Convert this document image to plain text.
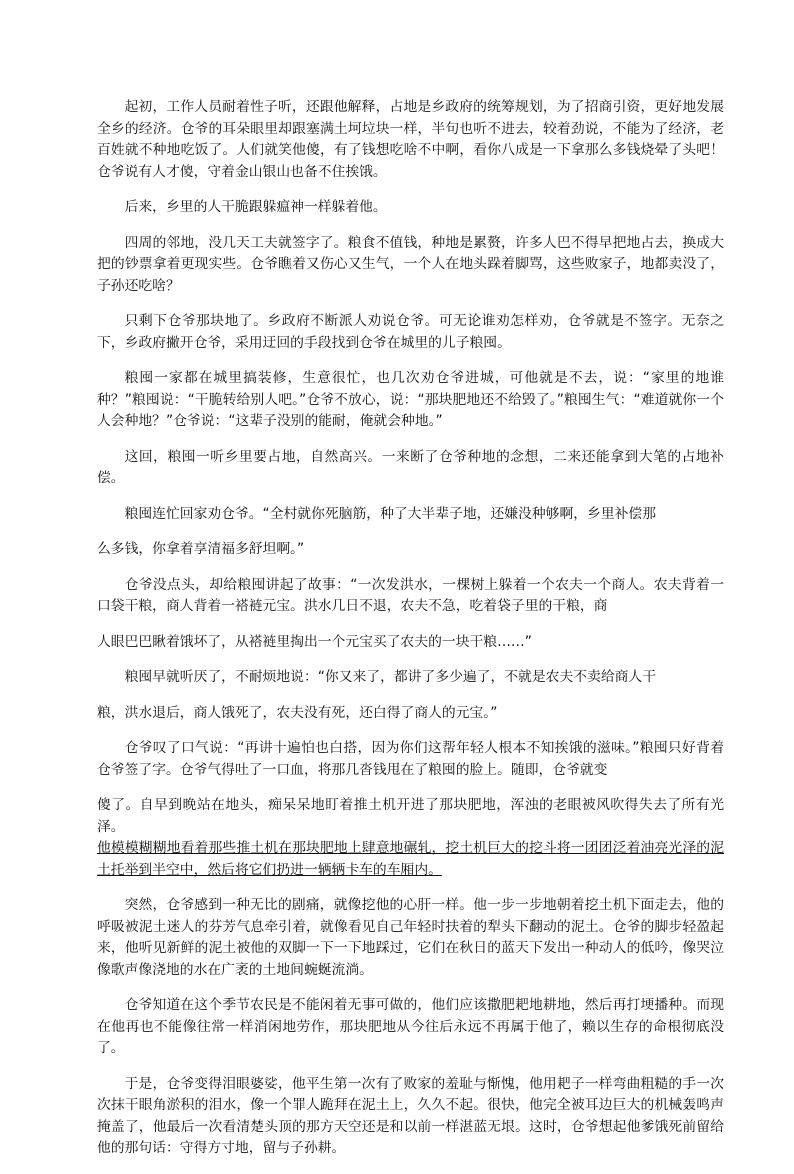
起初，工作人员耐着性子听，还跟他解释，占地是乡政府的统筹规划，为了招商引资，更好地发展全乡的经济。仓爷的耳朵眼里却跟塞满土坷垃块一样，半句也听不进去，较着劲说，不能为了经济，老百姓就不种地吃饭了。人们就笑他傻，有了钱想吃啥不中啊，看你八成是一下拿那么多钱烧晕了头吧！仓爷说有人才傻，守着金山银山也备不住挨饿。

后来，乡里的人干脆跟躲瘟神一样躲着他。

四周的邻地，没几天工夫就签字了。粮食不值钱，种地是累赘，许多人巴不得早把地占去，换成大把的钞票拿着更现实些。仓爷瞧着又伤心又生气，一个人在地头跺着脚骂，这些败家子，地都卖没了，子孙还吃啥？

只剩下仓爷那块地了。乡政府不断派人劝说仓爷。可无论谁劝怎样劝，仓爷就是不签字。无奈之下，乡政府撇开仓爷，采用迂回的手段找到仓爷在城里的儿子粮囤。

粮囤一家都在城里搞装修，生意很忙，也几次劝仓爷进城，可他就是不去，说：“家里的地谁种？”粮囤说：“干脆转给别人吧。”仓爷不放心，说：“那块肥地还不给毁了。”粮囤生气：“难道就你一个人会种地？”仓爷说：“这辈子没别的能耐，俺就会种地。”

这回，粮囤一听乡里要占地，自然高兴。一来断了仓爷种地的念想，二来还能拿到大笔的占地补偿。

粮囤连忙回家劝仓爷。“全村就你死脑筋，种了大半辈子地，还嫌没种够啊，乡里补偿那

么多钱，你拿着享清福多舒坦啊。”

仓爷没点头，却给粮囤讲起了故事：“一次发洪水，一棵树上躲着一个农夫一个商人。农夫背着一口袋干粮，商人背着一褡裢元宝。洪水几日不退，农夫不急，吃着袋子里的干粮，商

人眼巴巴瞅着饿坏了，从褡裢里掏出一个元宝买了农夫的一块干粮……”

粮囤早就听厌了，不耐烦地说：“你又来了，都讲了多少遍了，不就是农夫不卖给商人干

粮，洪水退后，商人饿死了，农夫没有死，还白得了商人的元宝。”

仓爷叹了口气说：“再讲十遍怕也白搭，因为你们这帮年轻人根本不知挨饿的滋味。”粮囤只好背着仓爷签了字。仓爷气得吐了一口血，将那几沓钱甩在了粮囤的脸上。随即，仓爷就变

傻了。自早到晚站在地头，痴呆呆地盯着推土机开进了那块肥地，浑浊的老眼被风吹得失去了所有光泽。

他模模糊糊地看着那些推土机在那块肥地上肆意地碾轧，挖土机巨大的挖斗将一团团泛着油亮光泽的泥土托举到半空中，然后将它们扔进一辆辆卡车的车厢内。

突然，仓爷感到一种无比的剧痛，就像挖他的心肝一样。他一步一步地朝着挖土机下面走去，他的呼吸被泥土迷人的芬芳气息牵引着，就像看见自己年轻时扶着的犁头下翻动的泥土。仓爷的脚步轻盈起来，他听见新鲜的泥土被他的双脚一下一下地踩过，它们在秋日的蓝天下发出一种动人的低吟，像哭泣像歌声像浇地的水在广袤的土地间蜿蜒流淌。

仓爷知道在这个季节农民是不能闲着无事可做的，他们应该撒肥耙地耕地，然后再打埂播种。而现在他再也不能像往常一样消闲地劳作，那块肥地从今往后永远不再属于他了，赖以生存的命根彻底没了。

于是，仓爷变得泪眼婆娑，他平生第一次有了败家的羞耻与惭愧，他用耙子一样弯曲粗糙的手一次次抹干眼角淤积的泪水，像一个罪人跪拜在泥土上，久久不起。很快，他完全被耳边巨大的机械轰鸣声掩盖了，他最后一次看清楚头顶的那方天空还是和以前一样湛蓝无垠。这时，仓爷想起他爹饿死前留给他的那句话：守得方寸地，留与子孙耕。
